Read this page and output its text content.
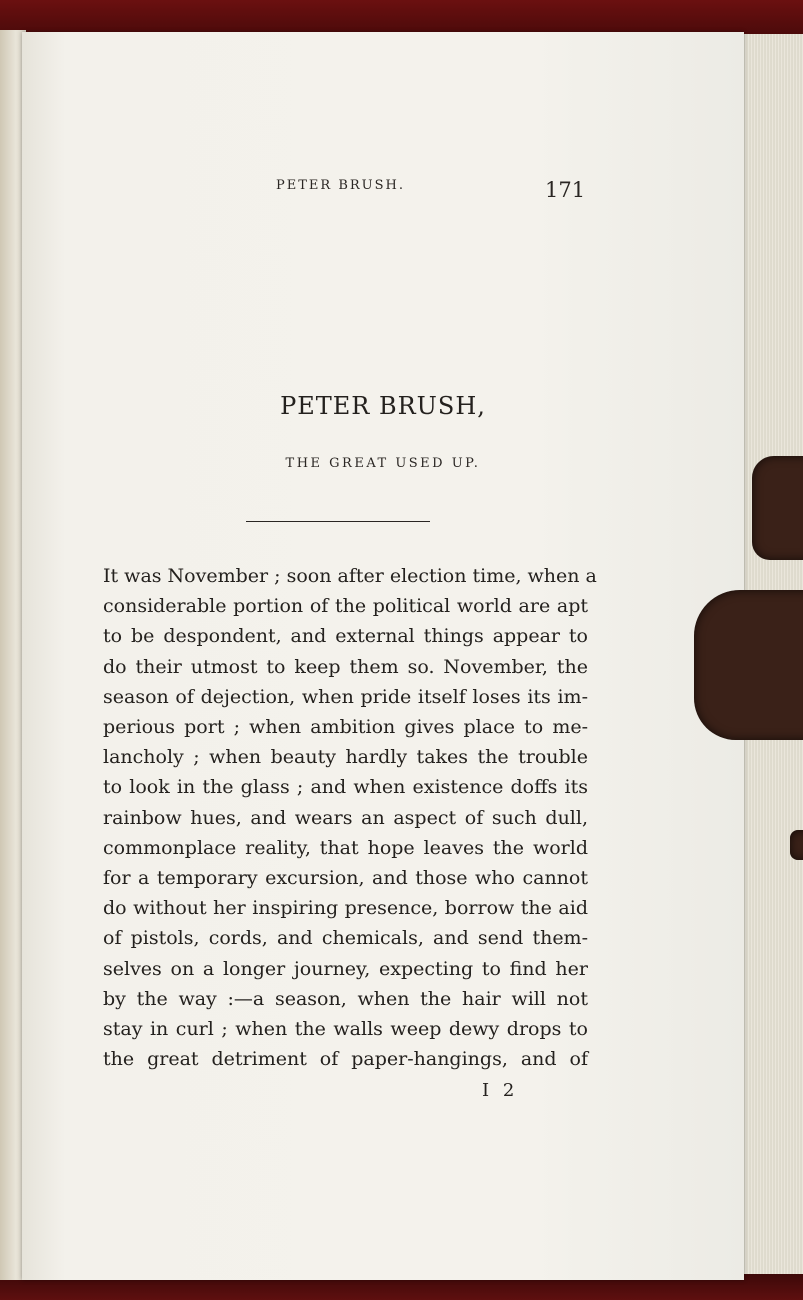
PETER BRUSH.	171
PETER BRUSH,
THE GREAT USED UP.
It was November ; soon after election time, when a
considerable portion of the political world are apt
to be despondent, and external things appear to
do their utmost to keep them so. November, the
season of dejection, when pride itself loses its im-
perious port ; when ambition gives place to me-
lancholy ; when beauty hardly takes the trouble
to look in the glass ; and when existence doffs its
rainbow hues, and wears an aspect of such dull,
commonplace reality, that hope leaves the world
for a temporary excursion, and those who cannot
do without her inspiring presence, borrow the aid
of pistols, cords, and chemicals, and send them-
selves on a longer journey, expecting to find her
by the way :—a season, when the hair will not
stay in curl ; when the walls weep dewy drops to
the great detriment of paper-hangings, and of
I 2
